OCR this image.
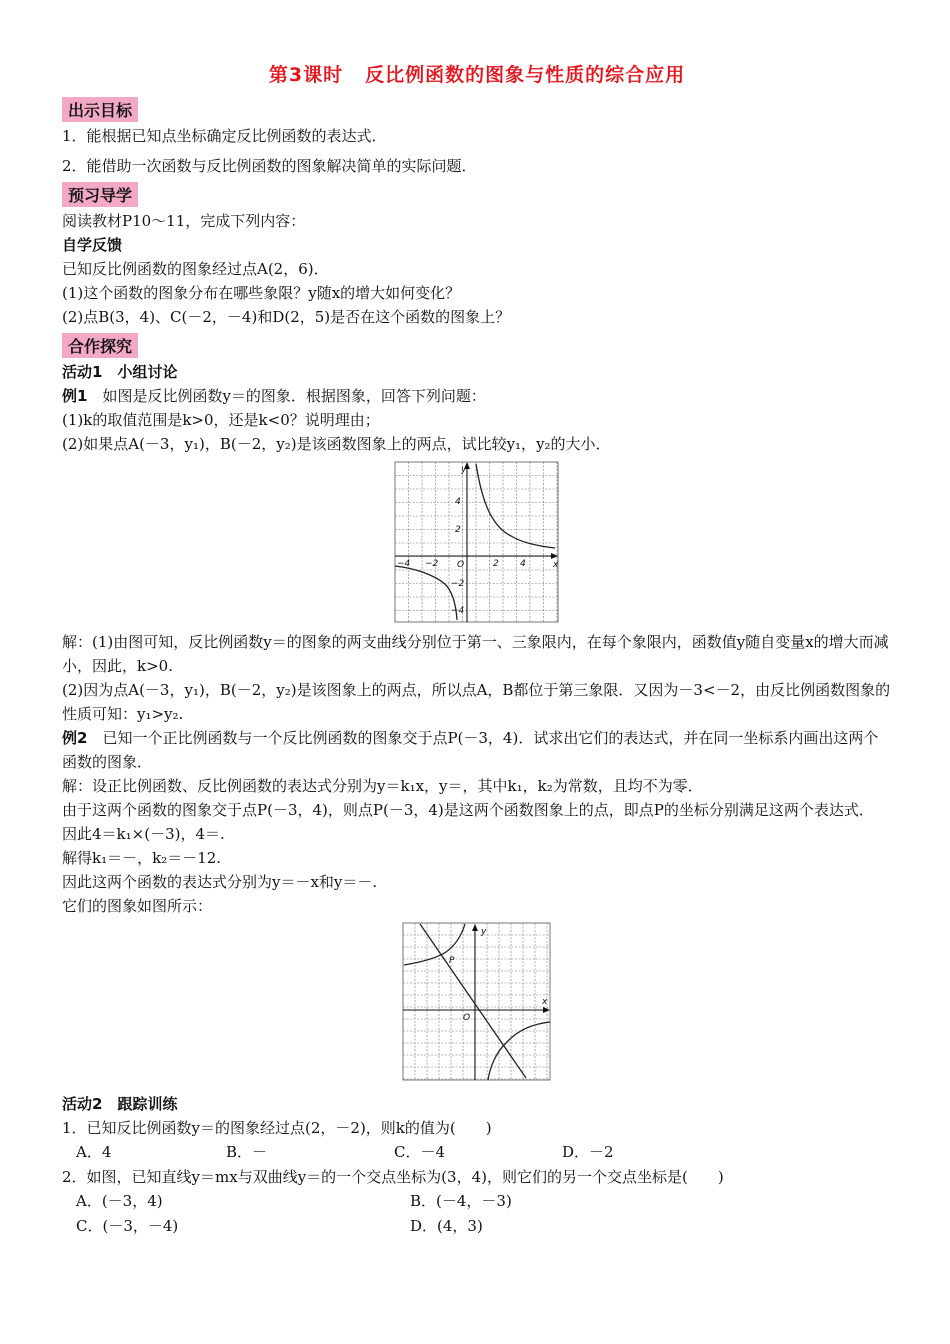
第3课时 反比例函数的图象与性质的综合应用
出示目标

1．能根据已知点坐标确定反比例函数的表达式．

2．能借助一次函数与反比例函数的图象解决简单的实际问题．

预习导学

阅读教材P10～11，完成下列内容：

自学反馈

已知反比例函数的图象经过点A(2，6)．

(1)这个函数的图象分布在哪些象限？y随x的增大如何变化？

(2)点B(3，4)、C(－2，－4)和D(2，5)是否在这个函数的图象上？

合作探究

活动1　小组讨论

例1　如图是反比例函数y＝的图象．根据图象，回答下列问题：

(1)k的取值范围是k>0，还是k<0？说明理由；

(2)如果点A(－3，y₁)，B(－2，y₂)是该函数图象上的两点，试比较y₁，y₂的大小．

y
x
O
−4 −2	2 4
4
2
−2
−4

解：(1)由图可知，反比例函数y＝的图象的两支曲线分别位于第一、三象限内，在每个象限内，函数值y随自变量x的增大而减小，因此，k>0.

(2)因为点A(－3，y₁)，B(－2，y₂)是该图象上的两点，所以点A，B都位于第三象限．又因为－3<－2，由反比例函数图象的性质可知：y₁>y₂.

例2　已知一个正比例函数与一个反比例函数的图象交于点P(－3，4)．试求出它们的表达式，并在同一坐标系内画出这两个函数的图象．

解：设正比例函数、反比例函数的表达式分别为y＝k₁x，y＝，其中k₁，k₂为常数，且均不为零．

由于这两个函数的图象交于点P(－3，4)，则点P(－3，4)是这两个函数图象上的点，即点P的坐标分别满足这两个表达式．

因此4＝k₁×(－3)，4＝.

解得k₁＝－，k₂＝－12.

因此这两个函数的表达式分别为y＝－x和y＝－.

它们的图象如图所示：

y
x
O
P

活动2　跟踪训练

1．已知反比例函数y＝的图象经过点(2，－2)，则k的值为(　　)

A．4	B．－	C．－4	D．－2

2．如图，已知直线y＝mx与双曲线y＝的一个交点坐标为(3，4)，则它们的另一个交点坐标是(　　)

A．(－3，4)	B．(－4，－3)
C．(－3，－4)	D．(4，3)
